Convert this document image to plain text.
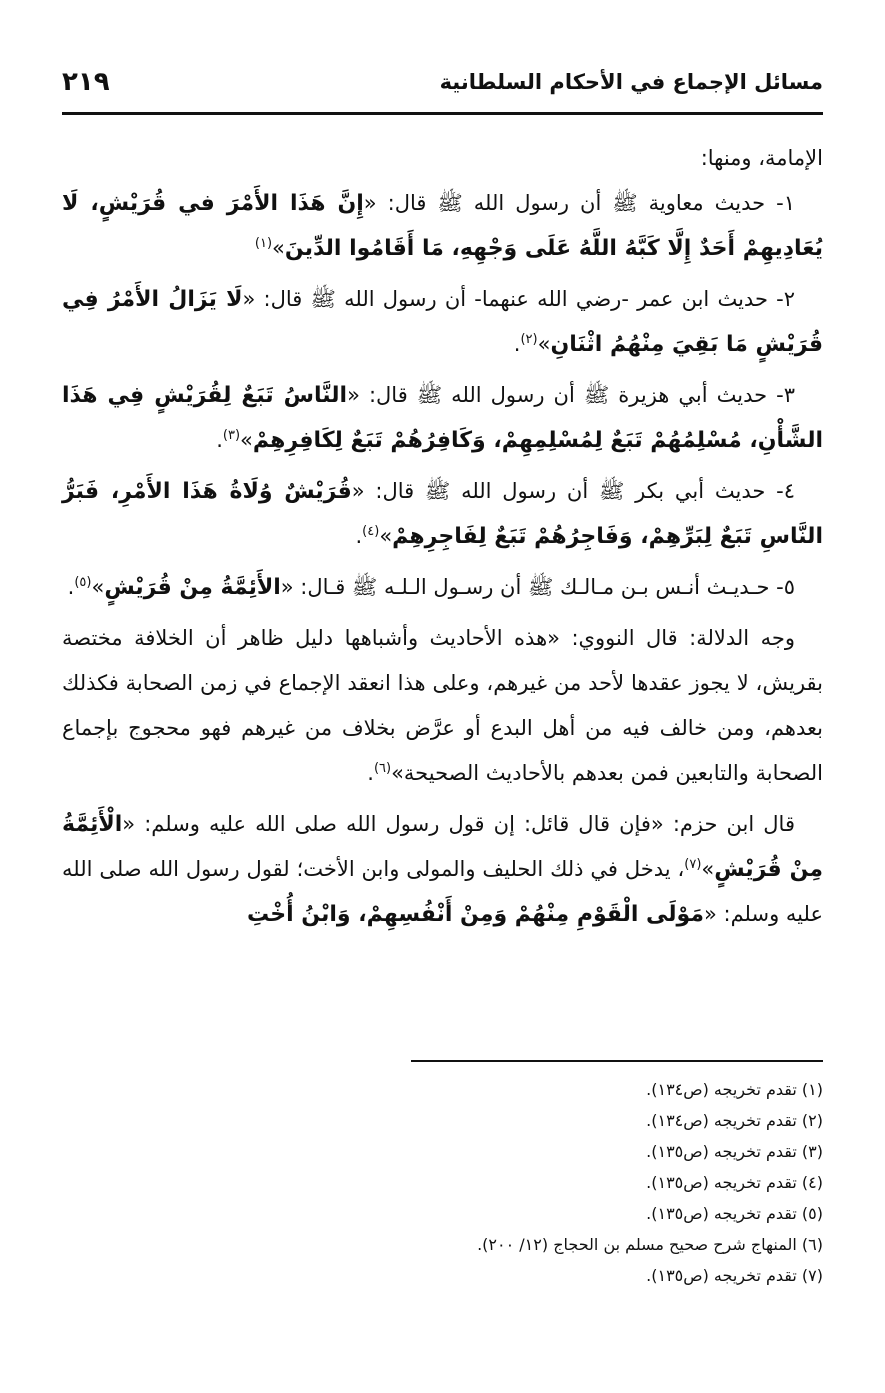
٢١٩	مسائل الإجماع في الأحكام السلطانية

الإمامة، ومنها:

١- حديث معاوية ﷺ أن رسول الله ﷺ قال: «إِنَّ هَذَا الأَمْرَ في قُرَيْشٍ، لَا يُعَادِيهِمْ أَحَدٌ إِلَّا كَبَّهُ اللَّهُ عَلَى وَجْهِهِ، مَا أَقَامُوا الدِّينَ»$^{(١)}$

٢- حديث ابن عمر -رضي الله عنهما- أن رسول الله ﷺ قال: «لَا يَزَالُ الأَمْرُ فِي قُرَيْشٍ مَا بَقِيَ مِنْهُمُ اثْنَانِ»$^{(٢)}$.

٣- حديث أبي هزيرة ﷺ أن رسول الله ﷺ قال: «النَّاسُ تَبَعٌ لِقُرَيْشٍ فِي هَذَا الشَّأْنِ، مُسْلِمُهُمْ تَبَعٌ لِمُسْلِمِهِمْ، وَكَافِرُهُمْ تَبَعٌ لِكَافِرِهِمْ»$^{(٣)}$.

٤- حديث أبي بكر ﷺ أن رسول الله ﷺ قال: «قُرَيْشٌ وُلَاةُ هَذَا الأَمْرِ، فَبَرُّ النَّاسِ تَبَعٌ لِبَرِّهِمْ، وَفَاجِرُهُمْ تَبَعٌ لِفَاجِرِهِمْ»$^{(٤)}$.

٥- حـديـث أنـس بـن مـالـك ﷺ أن رسـول الـلـه ﷺ قـال: «الأَئِمَّةُ مِنْ قُرَيْشٍ»$^{(٥)}$.

وجه الدلالة: قال النووي: «هذه الأحاديث وأشباهها دليل ظاهر أن الخلافة مختصة بقريش، لا يجوز عقدها لأحد من غيرهم، وعلى هذا انعقد الإجماع في زمن الصحابة فكذلك بعدهم، ومن خالف فيه من أهل البدع أو عرَّض بخلاف من غيرهم فهو محجوج بإجماع الصحابة والتابعين فمن بعدهم بالأحاديث الصحيحة»$^{(٦)}$.

قال ابن حزم: «فإن قال قائل: إن قول رسول الله صلى الله عليه وسلم: «الْأَئِمَّةُ مِنْ قُرَيْشٍ»$^{(٧)}$، يدخل في ذلك الحليف والمولى وابن الأخت؛ لقول رسول الله صلى الله عليه وسلم: «مَوْلَى الْقَوْمِ مِنْهُمْ وَمِنْ أَنْفُسِهِمْ، وَابْنُ أُخْتِ

(١) تقدم تخريجه (ص١٣٤).
(٢) تقدم تخريجه (ص١٣٤).
(٣) تقدم تخريجه (ص١٣٥).
(٤) تقدم تخريجه (ص١٣٥).
(٥) تقدم تخريجه (ص١٣٥).
(٦) المنهاج شرح صحيح مسلم بن الحجاج (١٢/ ٢٠٠).
(٧) تقدم تخريجه (ص١٣٥).
